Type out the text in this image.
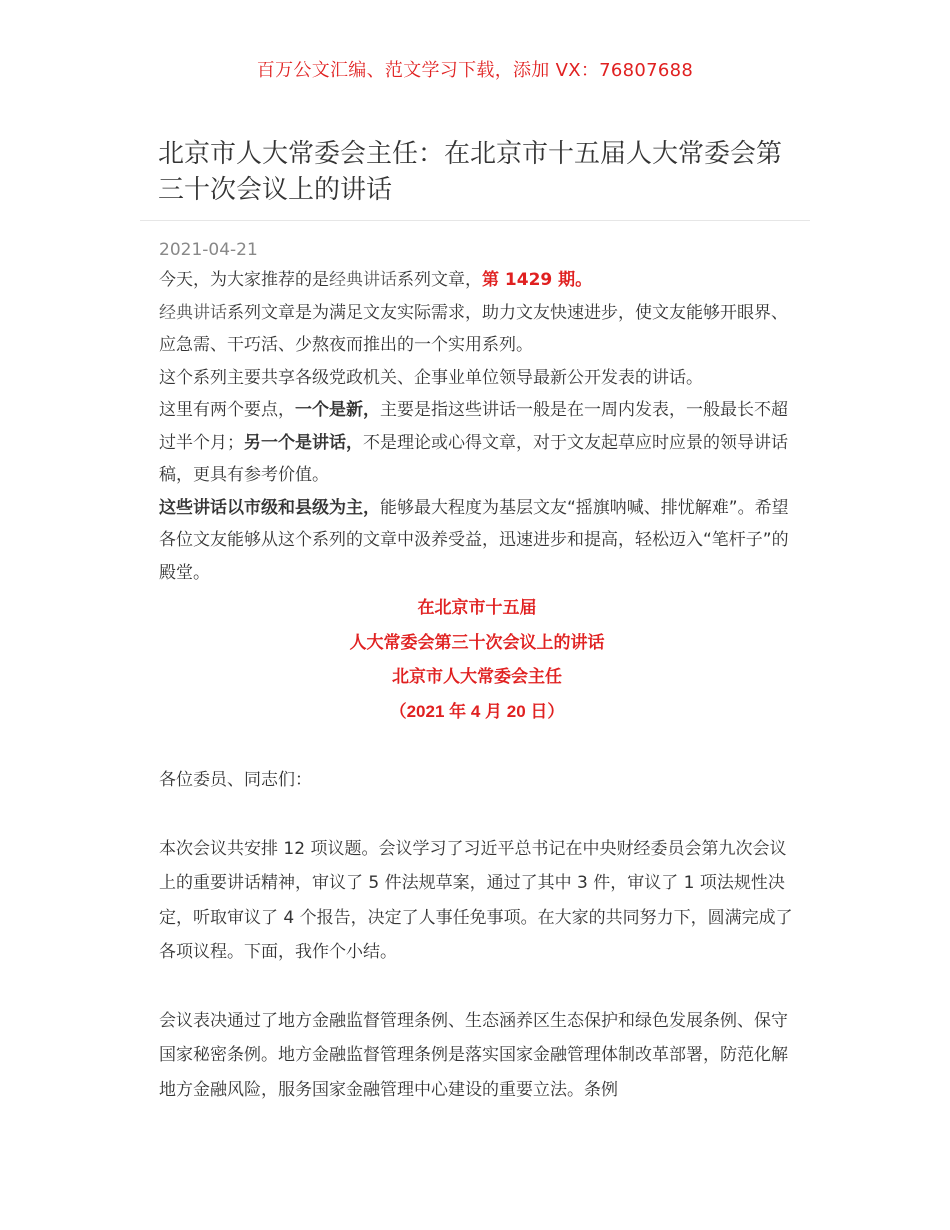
百万公文汇编、范文学习下载，添加 VX：76807688
北京市人大常委会主任：在北京市十五届人大常委会第三十次会议上的讲话
2021-04-21

今天，为大家推荐的是经典讲话系列文章，第 1429 期。

经典讲话系列文章是为满足文友实际需求，助力文友快速进步，使文友能够开眼界、应急需、干巧活、少熬夜而推出的一个实用系列。

这个系列主要共享各级党政机关、企事业单位领导最新公开发表的讲话。

这里有两个要点，一个是新，主要是指这些讲话一般是在一周内发表，一般最长不超过半个月；另一个是讲话，不是理论或心得文章，对于文友起草应时应景的领导讲话稿，更具有参考价值。

这些讲话以市级和县级为主，能够最大程度为基层文友“摇旗呐喊、排忧解难”。希望各位文友能够从这个系列的文章中汲养受益，迅速进步和提高，轻松迈入“笔杆子”的殿堂。

在北京市十五届

人大常委会第三十次会议上的讲话

北京市人大常委会主任

（2021 年 4 月 20 日）

各位委员、同志们：

本次会议共安排 12 项议题。会议学习了习近平总书记在中央财经委员会第九次会议上的重要讲话精神，审议了 5 件法规草案，通过了其中 3 件，审议了 1 项法规性决定，听取审议了 4 个报告，决定了人事任免事项。在大家的共同努力下，圆满完成了各项议程。下面，我作个小结。

会议表决通过了地方金融监督管理条例、生态涵养区生态保护和绿色发展条例、保守国家秘密条例。地方金融监督管理条例是落实国家金融管理体制改革部署，防范化解地方金融风险，服务国家金融管理中心建设的重要立法。条例
